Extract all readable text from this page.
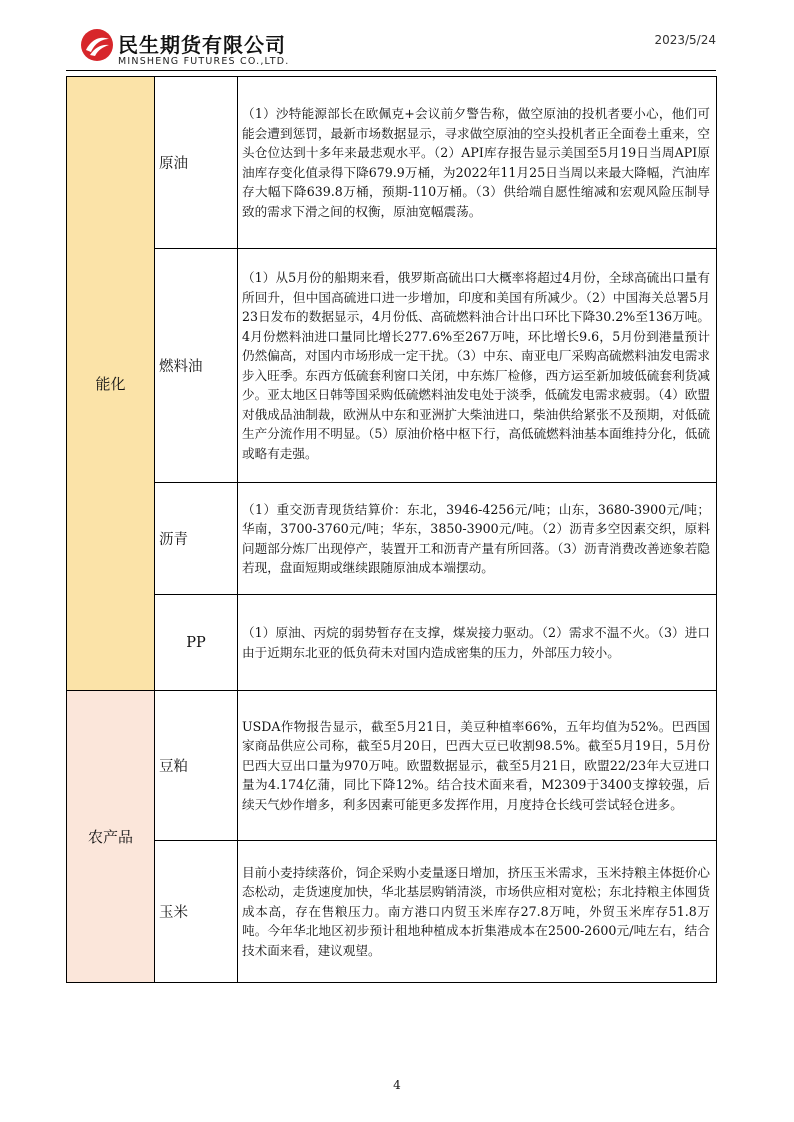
民生期货有限公司
MINSHENG FUTURES CO.,LTD.
2023/5/24
能化	原油	（1）沙特能源部长在欧佩克+会议前夕警告称，做空原油的投机者要小心，他们可能会遭到惩罚，最新市场数据显示，寻求做空原油的空头投机者正全面卷土重来，空头仓位达到十多年来最悲观水平。（2）API库存报告显示美国至5月19日当周API原油库存变化值录得下降679.9万桶，为2022年11月25日当周以来最大降幅，汽油库存大幅下降639.8万桶，预期-110万桶。（3）供给端自愿性缩减和宏观风险压制导致的需求下滑之间的权衡，原油宽幅震荡。
	燃料油	（1）从5月份的船期来看，俄罗斯高硫出口大概率将超过4月份，全球高硫出口量有所回升，但中国高硫进口进一步增加，印度和美国有所减少。（2）中国海关总署5月23日发布的数据显示，4月份低、高硫燃料油合计出口环比下降30.2%至136万吨。4月份燃料油进口量同比增长277.6%至267万吨，环比增长9.6，5月份到港量预计仍然偏高，对国内市场形成一定干扰。（3）中东、南亚电厂采购高硫燃料油发电需求步入旺季。东西方低硫套利窗口关闭，中东炼厂检修，西方运至新加坡低硫套利货减少。亚太地区日韩等国采购低硫燃料油发电处于淡季，低硫发电需求疲弱。（4）欧盟对俄成品油制裁，欧洲从中东和亚洲扩大柴油进口，柴油供给紧张不及预期，对低硫生产分流作用不明显。（5）原油价格中枢下行，高低硫燃料油基本面维持分化，低硫或略有走强。
	沥青	（1）重交沥青现货结算价：东北，3946-4256元/吨；山东，3680-3900元/吨；华南，3700-3760元/吨；华东，3850-3900元/吨。（2）沥青多空因素交织，原料问题部分炼厂出现停产，装置开工和沥青产量有所回落。（3）沥青消费改善迹象若隐若现，盘面短期或继续跟随原油成本端摆动。
	PP	（1）原油、丙烷的弱势暂存在支撑，煤炭接力驱动。（2）需求不温不火。（3）进口由于近期东北亚的低负荷未对国内造成密集的压力，外部压力较小。
农产品	豆粕	USDA作物报告显示，截至5月21日，美豆种植率66%，五年均值为52%。巴西国家商品供应公司称，截至5月20日，巴西大豆已收割98.5%。截至5月19日，5月份巴西大豆出口量为970万吨。欧盟数据显示，截至5月21日，欧盟22/23年大豆进口量为4.174亿蒲，同比下降12%。结合技术面来看，M2309于3400支撑较强，后续天气炒作增多，利多因素可能更多发挥作用，月度持仓长线可尝试轻仓进多。
	玉米	目前小麦持续落价，饲企采购小麦量逐日增加，挤压玉米需求，玉米持粮主体挺价心态松动，走货速度加快，华北基层购销清淡，市场供应相对宽松；东北持粮主体囤货成本高，存在售粮压力。南方港口内贸玉米库存27.8万吨，外贸玉米库存51.8万吨。今年华北地区初步预计租地种植成本折集港成本在2500-2600元/吨左右，结合技术面来看，建议观望。
4
